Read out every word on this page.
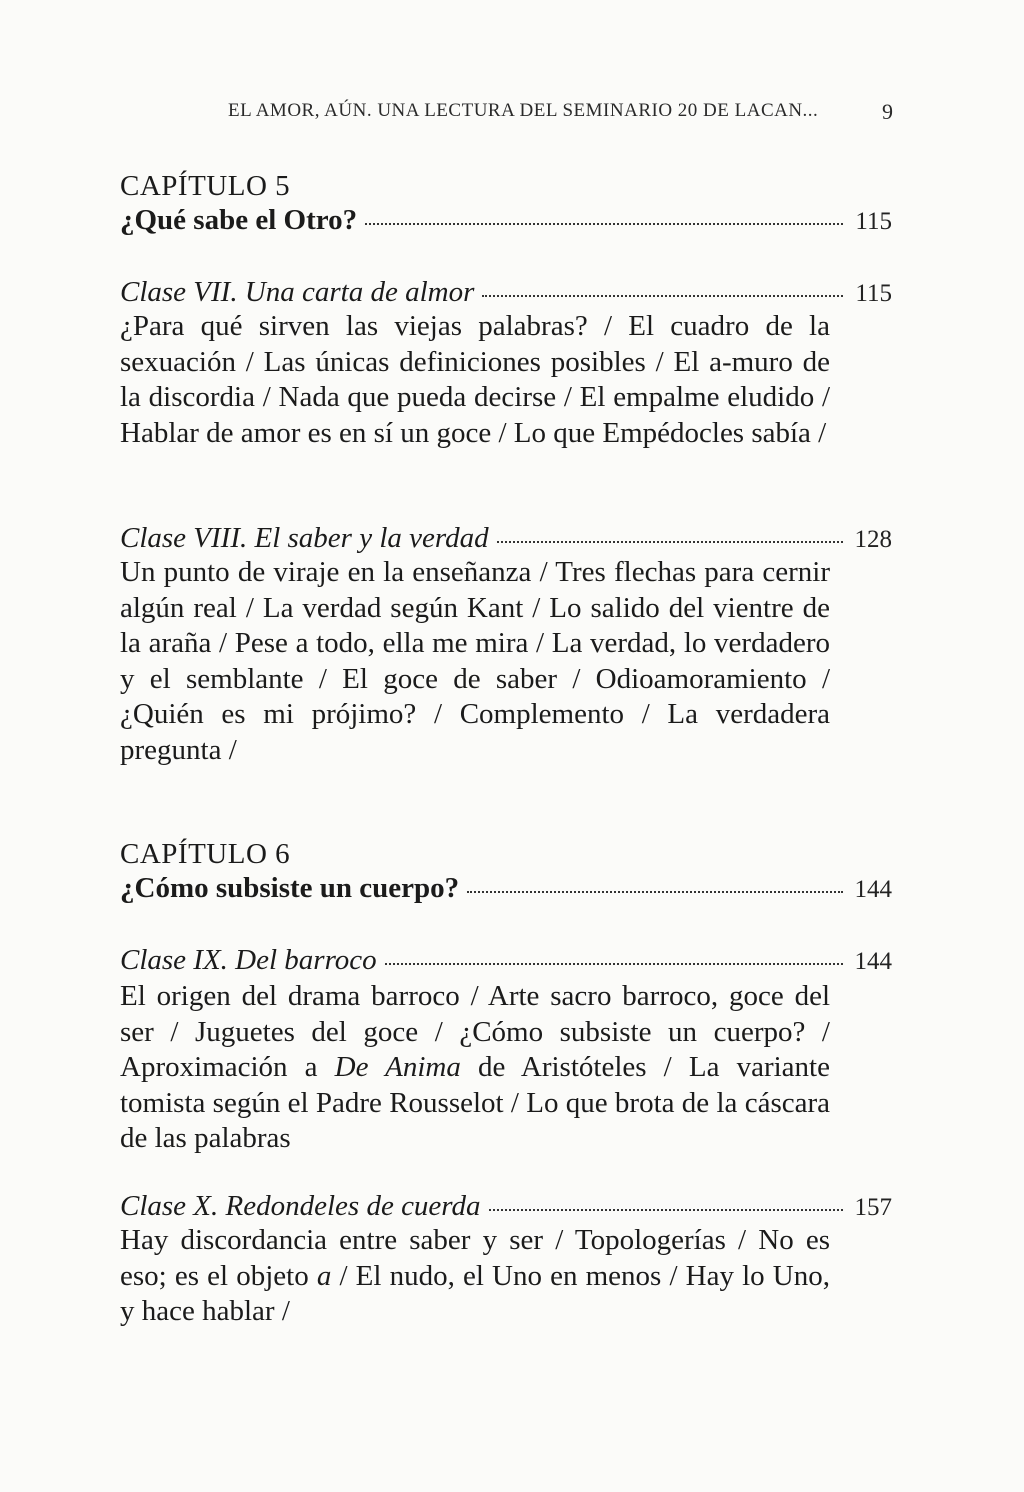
EL AMOR, AÚN. UNA LECTURA DEL SEMINARIO 20 DE LACAN...	9
CAPÍTULO 5
¿Qué sabe el Otro?	115
Clase VII. Una carta de almor	115
¿Para qué sirven las viejas palabras? / El cuadro de la sexuación / Las únicas definiciones posibles / El a-muro de la discordia / Nada que pueda decirse / El empalme eludido / Hablar de amor es en sí un goce / Lo que Empédocles sabía /
Clase VIII. El saber y la verdad	128
Un punto de viraje en la enseñanza / Tres flechas para cernir algún real / La verdad según Kant / Lo salido del vientre de la araña / Pese a todo, ella me mira / La verdad, lo verdadero y el semblante / El goce de saber / Odioamoramiento / ¿Quién es mi prójimo? / Complemento / La verdadera pregunta /
CAPÍTULO 6
¿Cómo subsiste un cuerpo?	144
Clase IX. Del barroco	144
El origen del drama barroco / Arte sacro barroco, goce del ser / Juguetes del goce / ¿Cómo subsiste un cuerpo? / Aproximación a De Anima de Aristóteles / La variante tomista según el Padre Rousselot / Lo que brota de la cáscara de las palabras
Clase X. Redondeles de cuerda	157
Hay discordancia entre saber y ser / Topologerías / No es eso; es el objeto a / El nudo, el Uno en menos / Hay lo Uno, y hace hablar /
